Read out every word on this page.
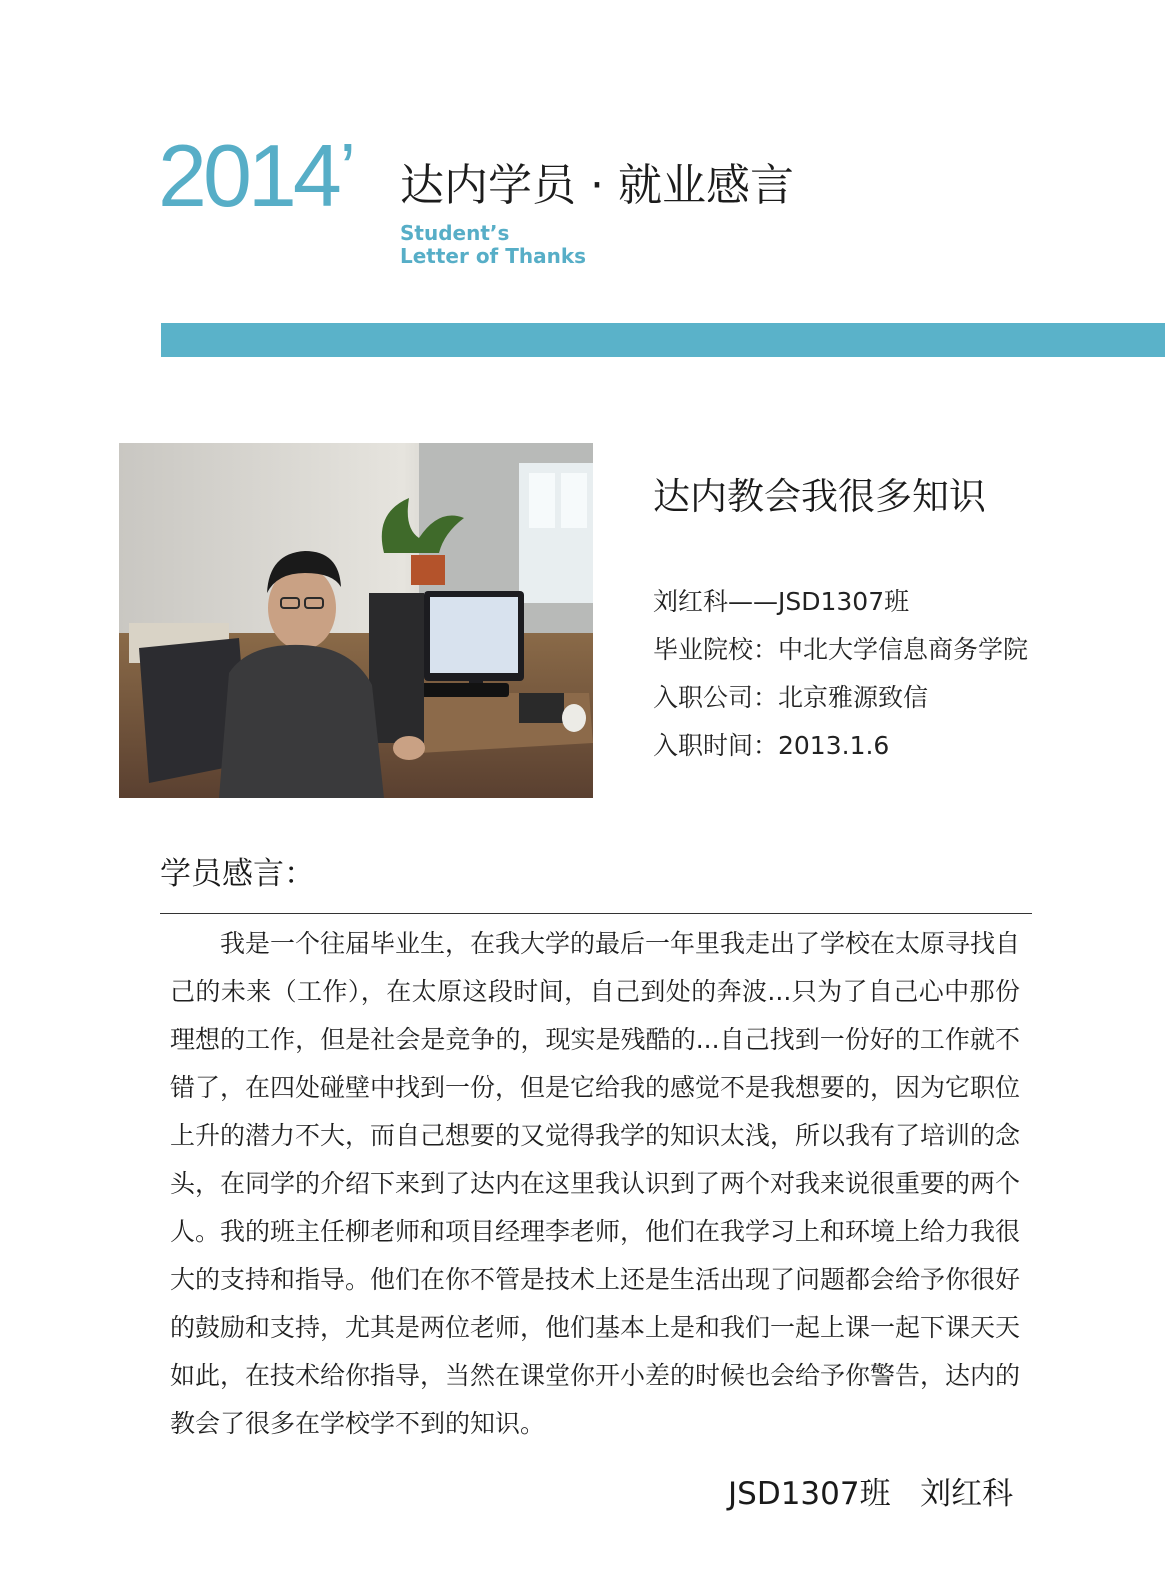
2014’	达内学员 · 就业感言
Student’s
Letter of Thanks
达内教会我很多知识
刘红科——JSD1307班
毕业院校：中北大学信息商务学院
入职公司：北京雅源致信
入职时间：2013.1.6
学员感言：
我是一个往届毕业生，在我大学的最后一年里我走出了学校在太原寻找自己的未来（工作），在太原这段时间，自己到处的奔波...只为了自己心中那份理想的工作，但是社会是竞争的，现实是残酷的...自己找到一份好的工作就不错了，在四处碰壁中找到一份，但是它给我的感觉不是我想要的，因为它职位上升的潜力不大，而自己想要的又觉得我学的知识太浅，所以我有了培训的念头，在同学的介绍下来到了达内在这里我认识到了两个对我来说很重要的两个人。我的班主任柳老师和项目经理李老师，他们在我学习上和环境上给力我很大的支持和指导。他们在你不管是技术上还是生活出现了问题都会给予你很好的鼓励和支持，尤其是两位老师，他们基本上是和我们一起上课一起下课天天如此，在技术给你指导，当然在课堂你开小差的时候也会给予你警告，达内的教会了很多在学校学不到的知识。
JSD1307班   刘红科
